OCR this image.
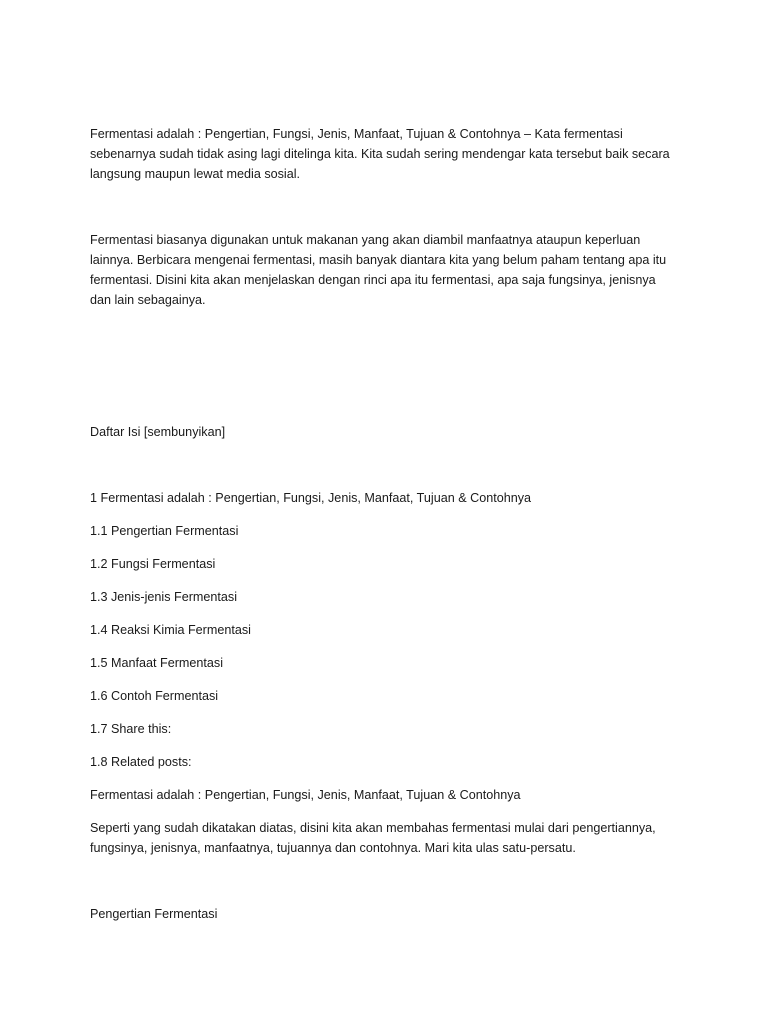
Fermentasi adalah : Pengertian, Fungsi, Jenis, Manfaat, Tujuan & Contohnya – Kata fermentasi
sebenarnya sudah tidak asing lagi ditelinga kita. Kita sudah sering mendengar kata tersebut baik secara
langsung maupun lewat media sosial.
Fermentasi biasanya digunakan untuk makanan yang akan diambil manfaatnya ataupun keperluan
lainnya. Berbicara mengenai fermentasi, masih banyak diantara kita yang belum paham tentang apa itu
fermentasi. Disini kita akan menjelaskan dengan rinci apa itu fermentasi, apa saja fungsinya, jenisnya
dan lain sebagainya.
Daftar Isi [sembunyikan]
1 Fermentasi adalah : Pengertian, Fungsi, Jenis, Manfaat, Tujuan & Contohnya
1.1 Pengertian Fermentasi
1.2 Fungsi Fermentasi
1.3 Jenis-jenis Fermentasi
1.4 Reaksi Kimia Fermentasi
1.5 Manfaat Fermentasi
1.6 Contoh Fermentasi
1.7 Share this:
1.8 Related posts:
Fermentasi adalah : Pengertian, Fungsi, Jenis, Manfaat, Tujuan & Contohnya
Seperti yang sudah dikatakan diatas, disini kita akan membahas fermentasi mulai dari pengertiannya,
fungsinya, jenisnya, manfaatnya, tujuannya dan contohnya. Mari kita ulas satu-persatu.
Pengertian Fermentasi
